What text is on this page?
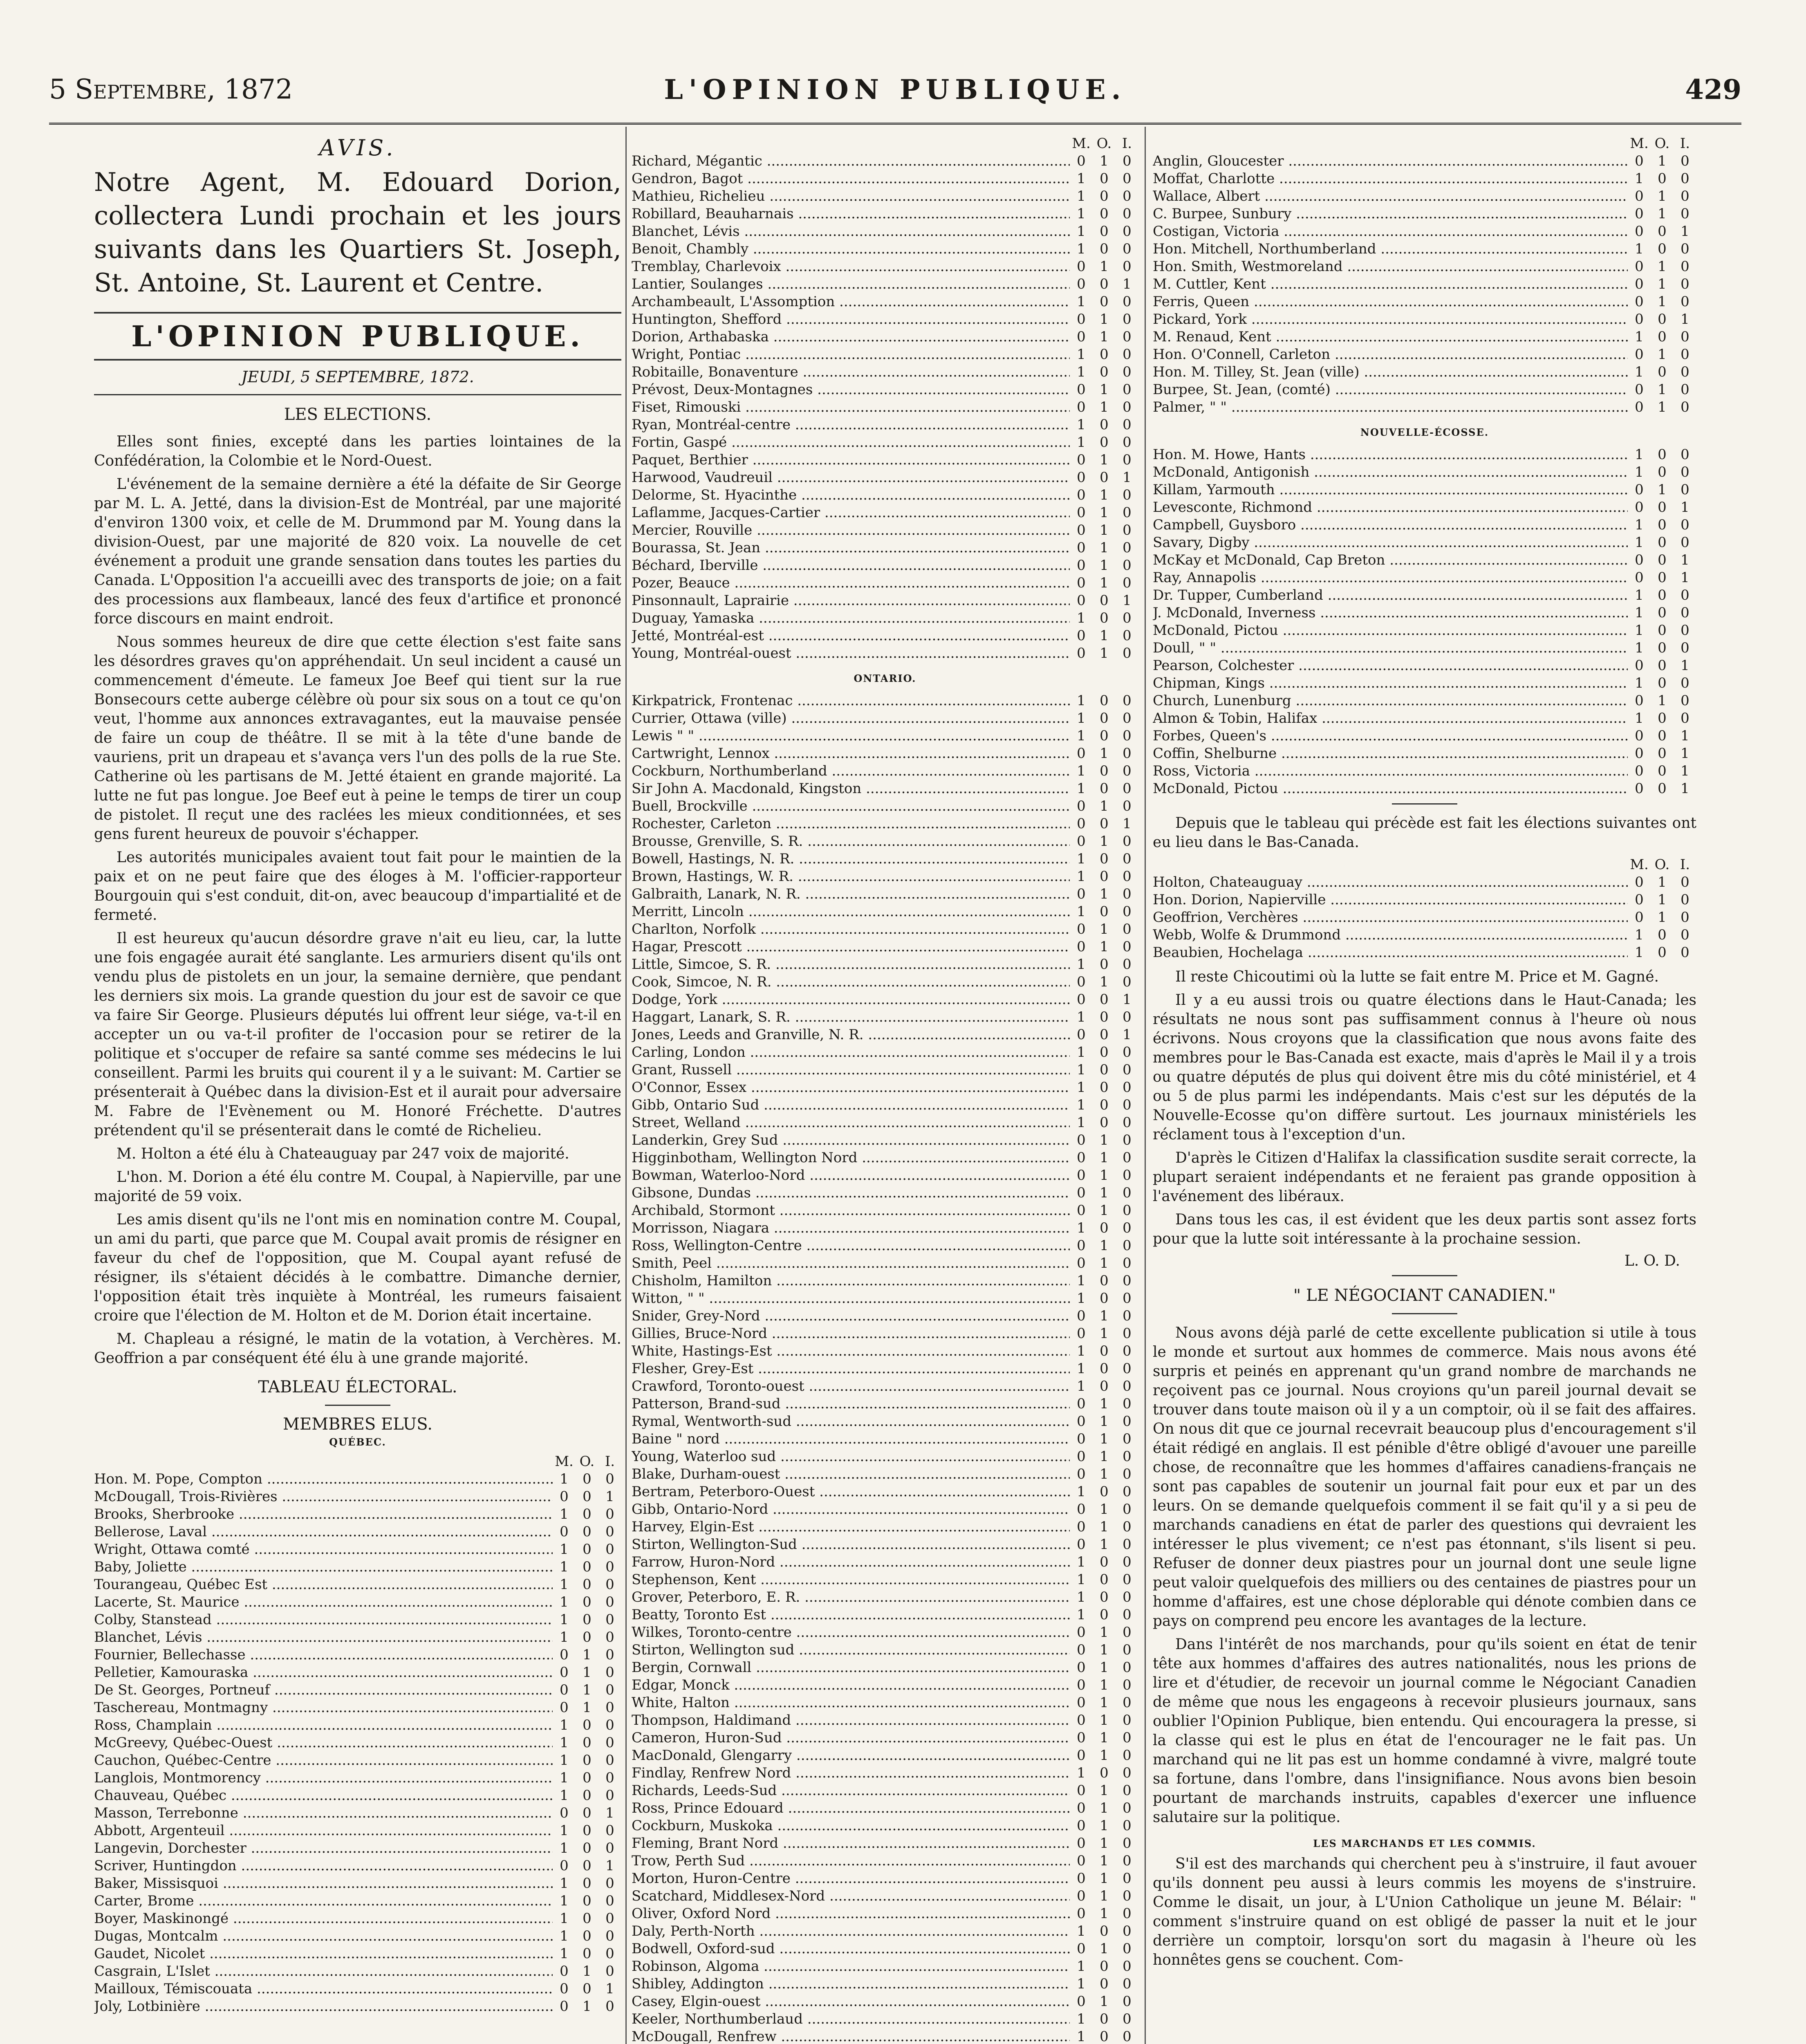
5 Septembre, 1872	L'OPINION PUBLIQUE.	429
AVIS.
Notre Agent, M. Edouard Dorion, collectera Lundi prochain et les jours suivants dans les Quartiers St. Joseph, St. Antoine, St. Laurent et Centre.
L'OPINION PUBLIQUE.
JEUDI, 5 SEPTEMBRE, 1872.
LES ELECTIONS.

Elles sont finies, excepté dans les parties lointaines de la Confédération, la Colombie et le Nord-Ouest.

L'événement de la semaine dernière a été la défaite de Sir George par M. L. A. Jetté, dans la division-Est de Montréal, par une majorité d'environ 1300 voix, et celle de M. Drummond par M. Young dans la division-Ouest, par une majorité de 820 voix. La nouvelle de cet événement a produit une grande sensation dans toutes les parties du Canada. L'Opposition l'a accueilli avec des transports de joie; on a fait des processions aux flambeaux, lancé des feux d'artifice et prononcé force discours en maint endroit.

Nous sommes heureux de dire que cette élection s'est faite sans les désordres graves qu'on appréhendait. Un seul incident a causé un commencement d'émeute. Le fameux Joe Beef qui tient sur la rue Bonsecours cette auberge célèbre où pour six sous on a tout ce qu'on veut, l'homme aux annonces extravagantes, eut la mauvaise pensée de faire un coup de théâtre. Il se mit à la tête d'une bande de vauriens, prit un drapeau et s'avança vers l'un des polls de la rue Ste. Catherine où les partisans de M. Jetté étaient en grande majorité. La lutte ne fut pas longue. Joe Beef eut à peine le temps de tirer un coup de pistolet. Il reçut une des raclées les mieux conditionnées, et ses gens furent heureux de pouvoir s'échapper.

Les autorités municipales avaient tout fait pour le maintien de la paix et on ne peut faire que des éloges à M. l'officier-rapporteur Bourgouin qui s'est conduit, dit-on, avec beaucoup d'impartialité et de fermeté.

Il est heureux qu'aucun désordre grave n'ait eu lieu, car, la lutte une fois engagée aurait été sanglante. Les armuriers disent qu'ils ont vendu plus de pistolets en un jour, la semaine dernière, que pendant les derniers six mois. La grande question du jour est de savoir ce que va faire Sir George. Plusieurs députés lui offrent leur siége, va-t-il en accepter un ou va-t-il profiter de l'occasion pour se retirer de la politique et s'occuper de refaire sa santé comme ses médecins le lui conseillent. Parmi les bruits qui courent il y a le suivant: M. Cartier se présenterait à Québec dans la division-Est et il aurait pour adversaire M. Fabre de l'Evènement ou M. Honoré Fréchette. D'autres prétendent qu'il se présenterait dans le comté de Richelieu.

M. Holton a été élu à Chateauguay par 247 voix de majorité.

L'hon. M. Dorion a été élu contre M. Coupal, à Napierville, par une majorité de 59 voix.

Les amis disent qu'ils ne l'ont mis en nomination contre M. Coupal, un ami du parti, que parce que M. Coupal avait promis de résigner en faveur du chef de l'opposition, que M. Coupal ayant refusé de résigner, ils s'étaient décidés à le combattre. Dimanche dernier, l'opposition était très inquiète à Montréal, les rumeurs faisaient croire que l'élection de M. Holton et de M. Dorion était incertaine.

M. Chapleau a résigné, le matin de la votation, à Verchères. M. Geoffrion a par conséquent été élu à une grande majorité.

TABLEAU ÉLECTORAL.
MEMBRES ELUS.
QUÉBEC.
M. O. I.
Hon. M. Pope, Compton .....	1	0	0
McDougall, Trois-Rivières .....	0	0	1
Brooks, Sherbrooke .....	1	0	0
Bellerose, Laval .....	0	0	0
Wright, Ottawa comté .....	1	0	0
Baby, Joliette .....	1	0	0
Tourangeau, Québec Est .....	1	0	0
Lacerte, St. Maurice .....	1	0	0
Colby, Stanstead .....	1	0	0
Blanchet, Lévis .....	1	0	0
Fournier, Bellechasse .....	0	1	0
Pelletier, Kamouraska .....	0	1	0
De St. Georges, Portneuf .....	0	1	0
Taschereau, Montmagny .....	0	1	0
Ross, Champlain .....	1	0	0
McGreevy, Québec-Ouest .....	1	0	0
Cauchon, Québec-Centre .....	1	0	0
Langlois, Montmorency .....	1	0	0
Chauveau, Québec .....	1	0	0
Masson, Terrebonne .....	0	0	1
Abbott, Argenteuil .....	1	0	0
Langevin, Dorchester .....	1	0	0
Scriver, Huntingdon .....	0	0	1
Baker, Missisquoi .....	1	0	0
Carter, Brome .....	1	0	0
Boyer, Maskinongé .....	1	0	0
Dugas, Montcalm .....	1	0	0
Gaudet, Nicolet .....	1	0	0
Casgrain, L'Islet .....	0	1	0
Mailloux, Témiscouata .....	0	0	1
Joly, Lotbinière .....	0	1	0
M. O. I.
Richard, Mégantic .....	0	1	0
Gendron, Bagot .....	1	0	0
Mathieu, Richelieu .....	1	0	0
Robillard, Beauharnais .....	1	0	0
Blanchet, Lévis .....	1	0	0
Benoit, Chambly .....	1	0	0
Tremblay, Charlevoix .....	0	1	0
Lantier, Soulanges .....	0	0	1
Archambeault, L'Assomption .....	1	0	0
Huntington, Shefford .....	0	1	0
Dorion, Arthabaska .....	0	1	0
Wright, Pontiac .....	1	0	0
Robitaille, Bonaventure .....	1	0	0
Prévost, Deux-Montagnes .....	0	1	0
Fiset, Rimouski .....	0	1	0
Ryan, Montréal-centre .....	1	0	0
Fortin, Gaspé .....	1	0	0
Paquet, Berthier .....	0	1	0
Harwood, Vaudreuil .....	0	0	1
Delorme, St. Hyacinthe .....	0	1	0
Laflamme, Jacques-Cartier .....	0	1	0
Mercier, Rouville .....	0	1	0
Bourassa, St. Jean .....	0	1	0
Béchard, Iberville .....	0	1	0
Pozer, Beauce .....	0	1	0
Pinsonnault, Laprairie .....	0	0	1
Duguay, Yamaska .....	1	0	0
Jetté, Montréal-est .....	0	1	0
Young, Montréal-ouest .....	0	1	0
ONTARIO.
Kirkpatrick, Frontenac .....	1	0	0
Currier, Ottawa (ville) .....	1	0	0
Lewis " " .....	1	0	0
Cartwright, Lennox .....	0	1	0
Cockburn, Northumberland .....	1	0	0
Sir John A. Macdonald, Kingston .....	1	0	0
Buell, Brockville .....	0	1	0
Rochester, Carleton .....	0	0	1
Brousse, Grenville, S. R. .....	0	1	0
Bowell, Hastings, N. R. .....	1	0	0
Brown, Hastings, W. R. .....	1	0	0
Galbraith, Lanark, N. R. .....	0	1	0
Merritt, Lincoln .....	1	0	0
Charlton, Norfolk .....	0	1	0
Hagar, Prescott .....	0	1	0
Little, Simcoe, S. R. .....	1	0	0
Cook, Simcoe, N. R. .....	0	1	0
Dodge, York .....	0	0	1
Haggart, Lanark, S. R. .....	1	0	0
Jones, Leeds and Granville, N. R. .....	0	0	1
Carling, London .....	1	0	0
Grant, Russell .....	1	0	0
O'Connor, Essex .....	1	0	0
Gibb, Ontario Sud .....	1	0	0
Street, Welland .....	1	0	0
Landerkin, Grey Sud .....	0	1	0
Higginbotham, Wellington Nord .....	0	1	0
Bowman, Waterloo-Nord .....	0	1	0
Gibsone, Dundas .....	0	1	0
Archibald, Stormont .....	0	1	0
Morrisson, Niagara .....	1	0	0
Ross, Wellington-Centre .....	0	1	0
Smith, Peel .....	0	1	0
Chisholm, Hamilton .....	1	0	0
Witton, " " .....	1	0	0
Snider, Grey-Nord .....	0	1	0
Gillies, Bruce-Nord .....	0	1	0
White, Hastings-Est .....	1	0	0
Flesher, Grey-Est .....	1	0	0
Crawford, Toronto-ouest .....	1	0	0
Patterson, Brand-sud .....	0	1	0
Rymal, Wentworth-sud .....	0	1	0
Baine " nord .....	0	1	0
Young, Waterloo sud .....	0	1	0
Blake, Durham-ouest .....	0	1	0
Bertram, Peterboro-Ouest .....	1	0	0
Gibb, Ontario-Nord .....	0	1	0
Harvey, Elgin-Est .....	0	1	0
Stirton, Wellington-Sud .....	0	1	0
Farrow, Huron-Nord .....	1	0	0
Stephenson, Kent .....	1	0	0
Grover, Peterboro, E. R. .....	1	0	0
Beatty, Toronto Est .....	1	0	0
Wilkes, Toronto-centre .....	0	1	0
Stirton, Wellington sud .....	0	1	0
Bergin, Cornwall .....	0	1	0
Edgar, Monck .....	0	1	0
White, Halton .....	0	1	0
Thompson, Haldimand .....	0	1	0
Cameron, Huron-Sud .....	0	1	0
MacDonald, Glengarry .....	0	1	0
Findlay, Renfrew Nord .....	1	0	0
Richards, Leeds-Sud .....	0	1	0
Ross, Prince Edouard .....	0	1	0
Cockburn, Muskoka .....	0	1	0
Fleming, Brant Nord .....	0	1	0
Trow, Perth Sud .....	0	1	0
Morton, Huron-Centre .....	0	1	0
Scatchard, Middlesex-Nord .....	0	1	0
Oliver, Oxford Nord .....	0	1	0
Daly, Perth-North .....	1	0	0
Bodwell, Oxford-sud .....	0	1	0
Robinson, Algoma .....	1	0	0
Shibley, Addington .....	1	0	0
Casey, Elgin-ouest .....	0	1	0
Keeler, Northumberlaud .....	1	0	0
McDougall, Renfrew .....	1	0	0
M. O. I.
Anglin, Gloucester .....	0	1	0
Moffat, Charlotte .....	1	0	0
Wallace, Albert .....	0	1	0
C. Burpee, Sunbury .....	0	1	0
Costigan, Victoria .....	0	0	1
Hon. Mitchell, Northumberland .....	1	0	0
Hon. Smith, Westmoreland .....	0	1	0
M. Cuttler, Kent .....	0	1	0
Ferris, Queen .....	0	1	0
Pickard, York .....	0	0	1
M. Renaud, Kent .....	1	0	0
Hon. O'Connell, Carleton .....	0	1	0
Hon. M. Tilley, St. Jean (ville) .....	1	0	0
Burpee, St. Jean, (comté) .....	0	1	0
Palmer, " " .....	0	1	0
NOUVELLE-ÉCOSSE.
Hon. M. Howe, Hants .....	1	0	0
McDonald, Antigonish .....	1	0	0
Killam, Yarmouth .....	0	1	0
Levesconte, Richmond .....	0	0	1
Campbell, Guysboro .....	1	0	0
Savary, Digby .....	1	0	0
McKay et McDonald, Cap Breton .....	0	0	1
Ray, Annapolis .....	0	0	1
Dr. Tupper, Cumberland .....	1	0	0
J. McDonald, Inverness .....	1	0	0
McDonald, Pictou .....	1	0	0
Doull, " " .....	1	0	0
Pearson, Colchester .....	0	0	1
Chipman, Kings .....	1	0	0
Church, Lunenburg .....	0	1	0
Almon & Tobin, Halifax .....	1	0	0
Forbes, Queen's .....	0	0	1
Coffin, Shelburne .....	0	0	1
Ross, Victoria .....	0	0	1
McDonald, Pictou .....	0	0	1

Depuis que le tableau qui précède est fait les élections suivantes ont eu lieu dans le Bas-Canada.

M. O. I.
Holton, Chateauguay .....	0	1	0
Hon. Dorion, Napierville .....	0	1	0
Geoffrion, Verchères .....	0	1	0
Webb, Wolfe & Drummond .....	1	0	0
Beaubien, Hochelaga .....	1	0	0

Il reste Chicoutimi où la lutte se fait entre M. Price et M. Gagné.

Il y a eu aussi trois ou quatre élections dans le Haut-Canada; les résultats ne nous sont pas suffisamment connus à l'heure où nous écrivons. Nous croyons que la classification que nous avons faite des membres pour le Bas-Canada est exacte, mais d'après le Mail il y a trois ou quatre députés de plus qui doivent être mis du côté ministériel, et 4 ou 5 de plus parmi les indépendants. Mais c'est sur les députés de la Nouvelle-Ecosse qu'on diffère surtout. Les journaux ministériels les réclament tous à l'exception d'un.

D'après le Citizen d'Halifax la classification susdite serait correcte, la plupart seraient indépendants et ne feraient pas grande opposition à l'avénement des libéraux.

Dans tous les cas, il est évident que les deux partis sont assez forts pour que la lutte soit intéressante à la prochaine session.

L. O. D.
" LE NÉGOCIANT CANADIEN."

Nous avons déjà parlé de cette excellente publication si utile à tous le monde et surtout aux hommes de commerce. Mais nous avons été surpris et peinés en apprenant qu'un grand nombre de marchands ne reçoivent pas ce journal. Nous croyions qu'un pareil journal devait se trouver dans toute maison où il y a un comptoir, où il se fait des affaires. On nous dit que ce journal recevrait beaucoup plus d'encouragement s'il était rédigé en anglais. Il est pénible d'être obligé d'avouer une pareille chose, de reconnaître que les hommes d'affaires canadiens-français ne sont pas capables de soutenir un journal fait pour eux et par un des leurs. On se demande quelquefois comment il se fait qu'il y a si peu de marchands canadiens en état de parler des questions qui devraient les intéresser le plus vivement; ce n'est pas étonnant, s'ils lisent si peu. Refuser de donner deux piastres pour un journal dont une seule ligne peut valoir quelquefois des milliers ou des centaines de piastres pour un homme d'affaires, est une chose déplorable qui dénote combien dans ce pays on comprend peu encore les avantages de la lecture.

Dans l'intérêt de nos marchands, pour qu'ils soient en état de tenir tête aux hommes d'affaires des autres nationalités, nous les prions de lire et d'étudier, de recevoir un journal comme le Négociant Canadien de même que nous les engageons à recevoir plusieurs journaux, sans oublier l'Opinion Publique, bien entendu. Qui encouragera la presse, si la classe qui est le plus en état de l'encourager ne le fait pas. Un marchand qui ne lit pas est un homme condamné à vivre, malgré toute sa fortune, dans l'ombre, dans l'insignifiance. Nous avons bien besoin pourtant de marchands instruits, capables d'exercer une influence salutaire sur la politique.

LES MARCHANDS ET LES COMMIS.

S'il est des marchands qui cherchent peu à s'instruire, il faut avouer qu'ils donnent peu aussi à leurs commis les moyens de s'instruire. Comme le disait, un jour, à L'Union Catholique un jeune M. Bélair: " comment s'instruire quand on est obligé de passer la nuit et le jour derrière un comptoir, lorsqu'on sort du magasin à l'heure où les honnêtes gens se couchent. Com-
